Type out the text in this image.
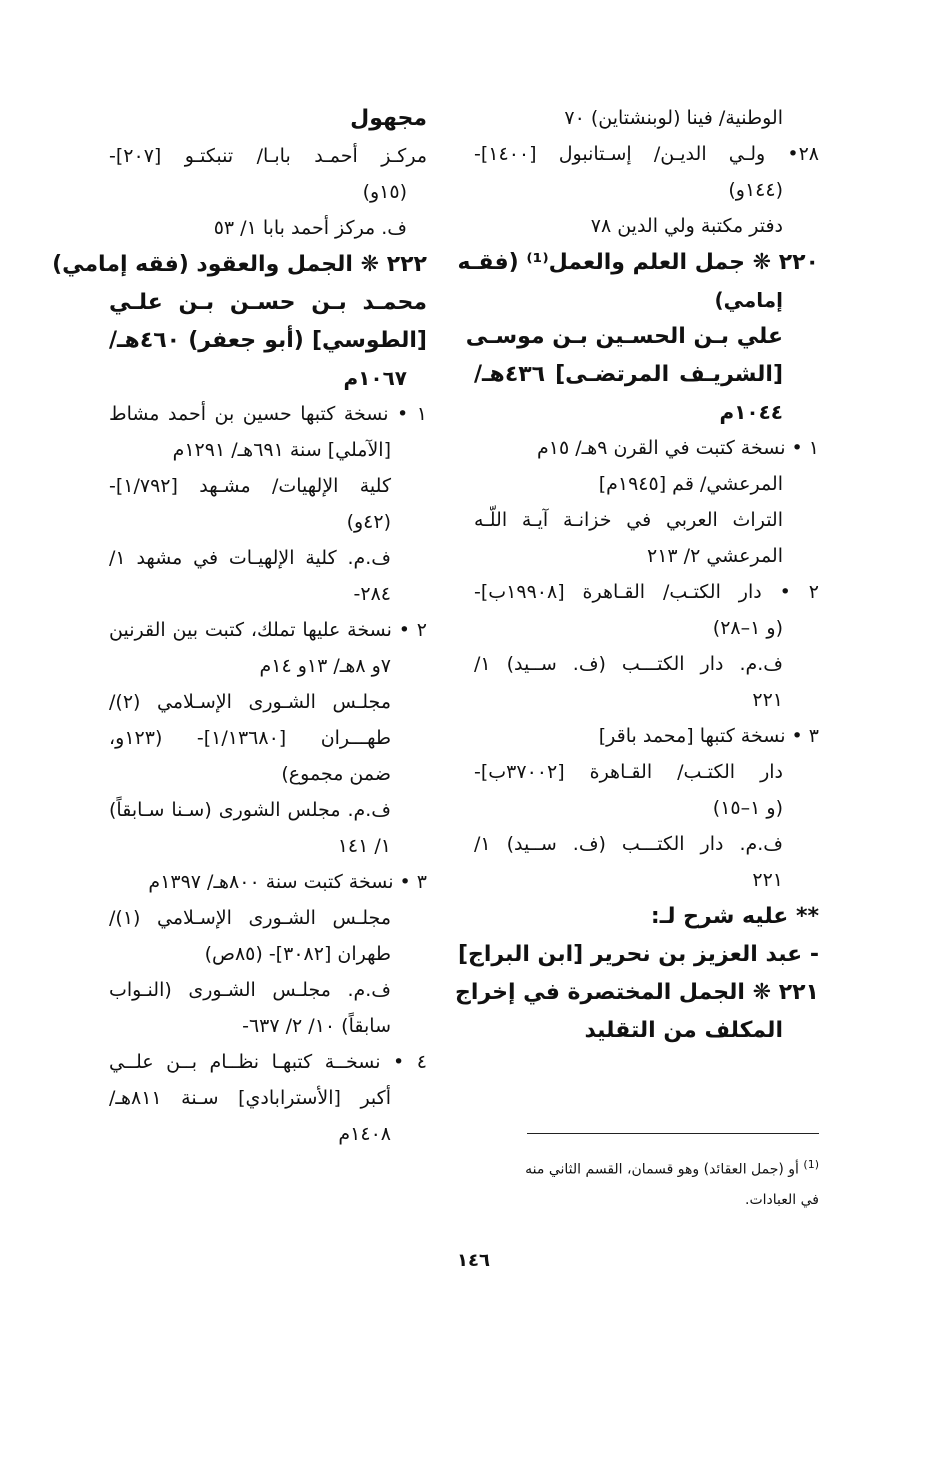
الوطنية/ فينا (لوبنشتاين) ٧٠
٢٨• ولـي الديـن/ إسـتانبول [١٤٠٠]-
(١٤٤و)
دفتر مكتبة ولي الدين ٧٨
٢٢٠ ❋ جمل العلم والعمل⁽¹⁾ (فقـه
إمامي)
علي بـن الحسـين بـن موسـى
[الشريـف المرتضـى] ٤٣٦هـ/
١٠٤٤م
١ • نسخة كتبت في القرن ٩هـ/ ١٥م
المرعشي/ قم [١٩٤٥م]
التراث العربي في خزانـة آيـة اللّـه
المرعشي ٢/ ٢١٣
٢ • دار الكتـب/ القـاهرة [١٩٩٠٨ب]-
(و ١–٢٨)
ف.م. دار الكتـــب (ف. ســيد) ١/
٢٢١
٣ • نسخة كتبها [محمد باقر]
دار الكتـب/ القـاهرة [٣٧٠٠٢ب]-
(و ١–١٥)
ف.م. دار الكتـــب (ف. ســيد) ١/
٢٢١
** عليه شرح لـ:
- عبد العزيز بن نحرير [ابن البراج]
٢٢١ ❋ الجمل المختصرة في إخراج
المكلف من التقليد
مجهول
مركـز أحمـد بابـا/ تنبكتـو [٢٠٧]-
(١٥و)
ف. مركز أحمد بابا ١/ ٥٣
٢٢٢ ❋ الجمل والعقود (فقه إمامي)
محمـد بـن حسـن بـن علـي
[الطوسي] (أبو جعفر) ٤٦٠هـ/
١٠٦٧م
١ • نسخة كتبها حسين بن أحمد مشاط
[الآملي] سنة ٦٩١هـ/ ١٢٩١م
كلية الإلهيات/ مشـهد [١/٧٩٢]-
(٤٢و)
ف.م. كلية الإلهيـات في مشهد ١/
٢٨٤-
٢ • نسخة عليها تملك، كتبت بين القرنين
٧و ٨هـ/ ١٣و ١٤م
مجلـس الشـورى الإسـلامي (٢)/
طهـــران [١/١٣٦٨٠]- (١٢٣و،
ضمن مجموع)
ف.م. مجلس الشورى (سـنا سـابقاً)
١/ ١٤١
٣ • نسخة كتبت سنة ٨٠٠هـ/ ١٣٩٧م
مجلـس الشـورى الإسـلامي (١)/
طهران [٣٠٨٢]- (٨٥ص)
ف.م. مجلـس الشـورى (النـواب
سابقاً) ١٠/ ٢/ ٦٣٧-
٤ • نسخــة كتبهـا نظــام بــن علــي
أكبر [الأسترابادي] سـنة ٨١١هـ/
١٤٠٨م
$^{(1)}$ أو (جمل العقائد) وهو قسمان، القسم الثاني منه
في العبادات.
١٤٦
